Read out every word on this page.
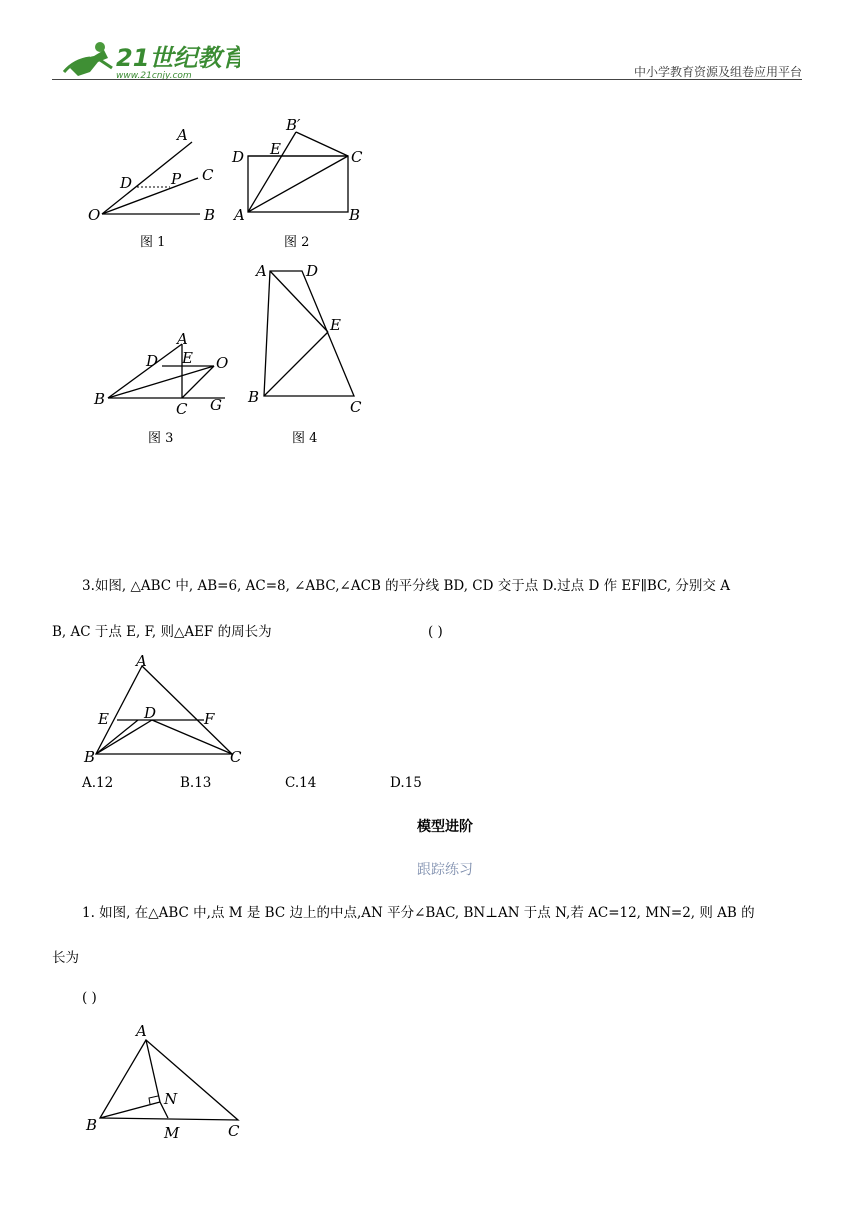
21世纪教育
www.21cnjy.com	中小学教育资源及组卷应用平台
A
C
B
D	P
O
图 1
B′
D E	C
A	B
图 2
A
D E O
B
C G
图 3
A	D
E
B
C
图 4
3.如图, △ABC 中, AB=6, AC=8, ∠ABC,∠ACB 的平分线 BD, CD 交于点 D.过点 D 作 EF∥BC, 分别交 A
B, AC 于点 E, F, 则△AEF 的周长为	( )
A
E D	F
B	C
A.12	B.13	C.14	D.15
模型进阶
跟踪练习
1. 如图, 在△ABC 中,点 M 是 BC 边上的中点,AN 平分∠BAC, BN⊥AN 于点 N,若 AC=12, MN=2, 则 AB 的
长为
( )
A
N
B	M	C
